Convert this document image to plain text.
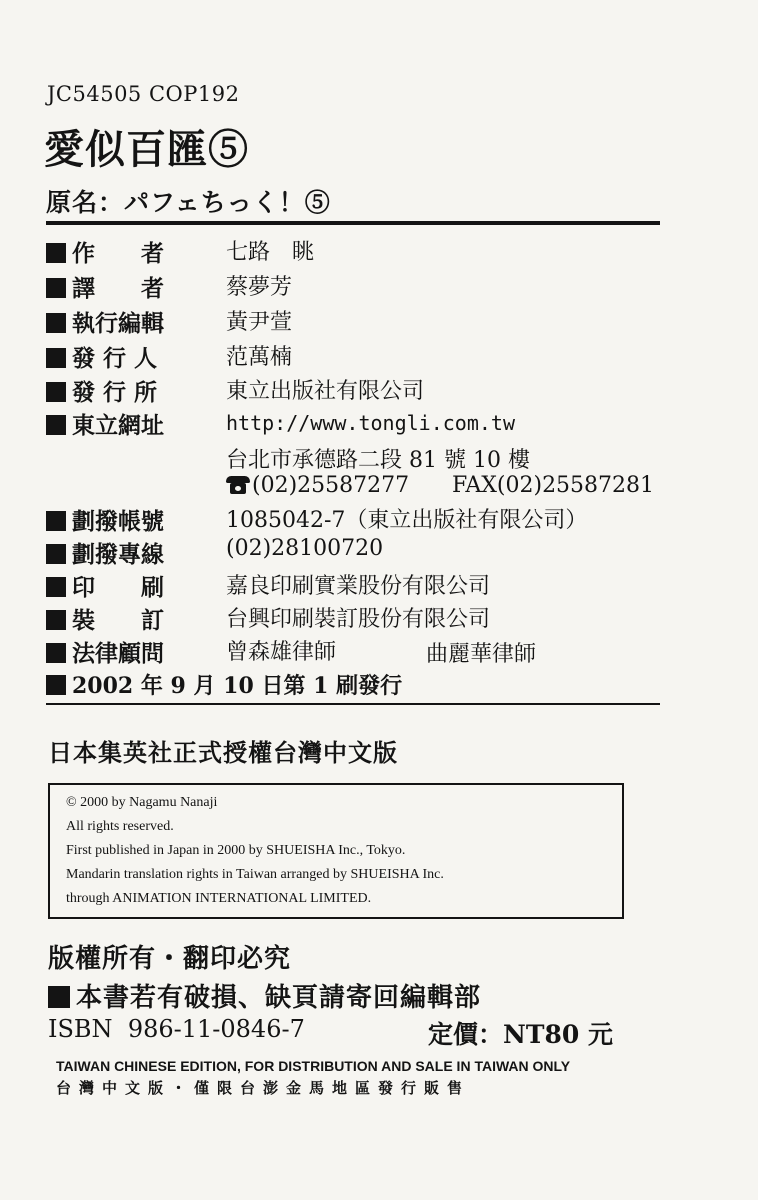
JC54505 COP192
愛似百匯⑤
原名：パフェちっく！⑤
作　　者	七路　眺
譯　　者	蔡夢芳
執行編輯	黃尹萱
發 行 人	范萬楠
發 行 所	東立出版社有限公司
東立網址	http://www.tongli.com.tw
台北市承德路二段 81 號 10 樓
(02)25587277 FAX(02)25587281
劃撥帳號	1085042-7（東立出版社有限公司）
劃撥專線	(02)28100720
印　　刷	嘉良印刷實業股份有限公司
裝　　訂	台興印刷裝訂股份有限公司
法律顧問	曾森雄律師	曲麗華律師
2002 年 9 月 10 日第 1 刷發行
日本集英社正式授權台灣中文版
© 2000 by Nagamu Nanaji
All rights reserved.
First published in Japan in 2000 by SHUEISHA Inc., Tokyo.
Mandarin translation rights in Taiwan arranged by SHUEISHA Inc.
through ANIMATION INTERNATIONAL LIMITED.
版權所有・翻印必究
本書若有破損、缺頁請寄回編輯部
ISBN  986-11-0846-7	定價：NT80 元
TAIWAN CHINESE EDITION, FOR DISTRIBUTION AND SALE IN TAIWAN ONLY
台灣中文版・僅限台澎金馬地區發行販售
